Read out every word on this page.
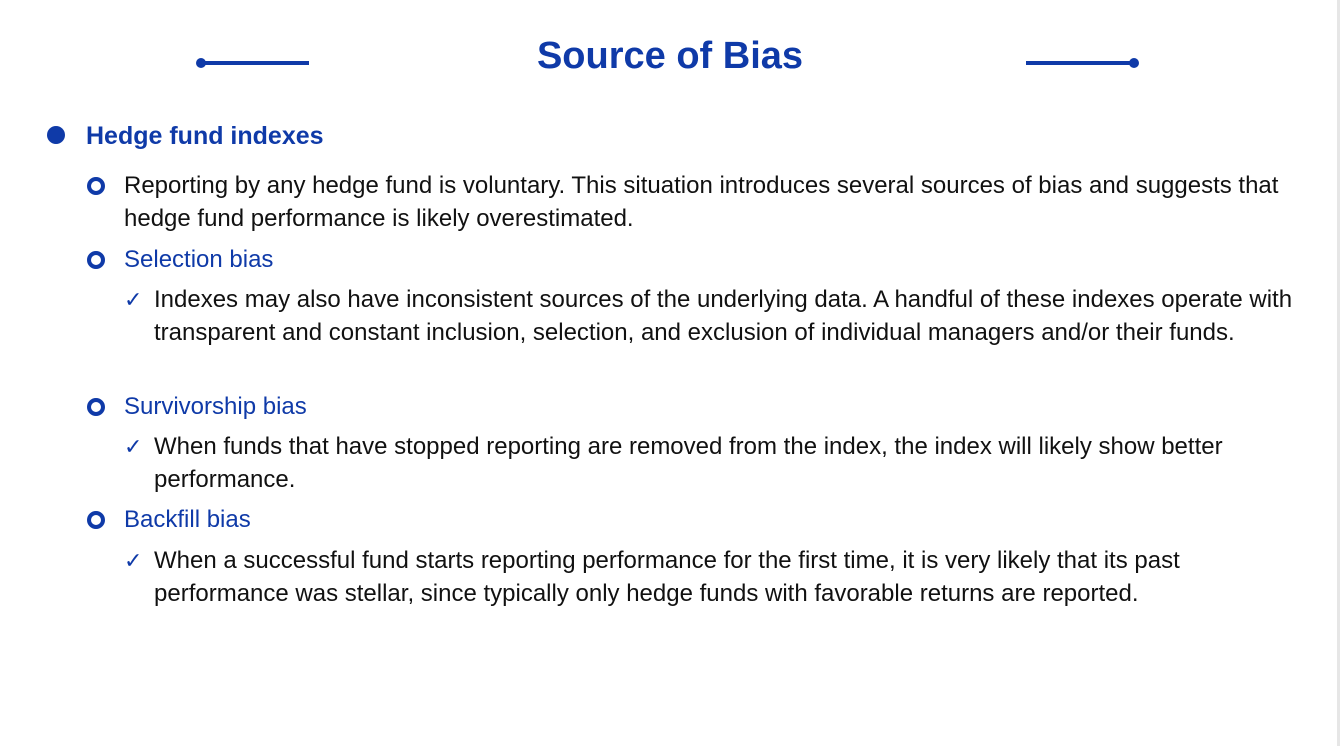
Source of Bias
Hedge fund indexes
Reporting by any hedge fund is voluntary. This situation introduces several sources of bias and suggests that hedge fund performance is likely overestimated.
Selection bias
✓ Indexes may also have inconsistent sources of the underlying data. A handful of these indexes operate with transparent and constant inclusion, selection, and exclusion of individual managers and/or their funds.
Survivorship bias
✓ When funds that have stopped reporting are removed from the index, the index will likely show better performance.
Backfill bias
✓ When a successful fund starts reporting performance for the first time, it is very likely that its past performance was stellar, since typically only hedge funds with favorable returns are reported.
